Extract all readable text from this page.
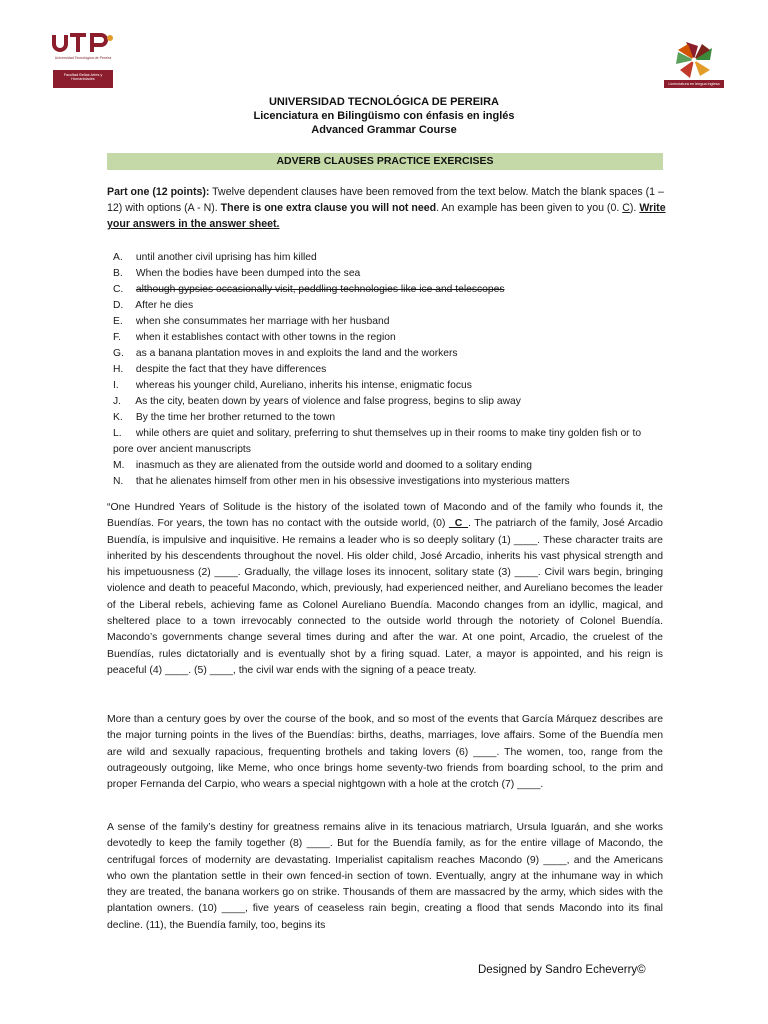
Universidad Tecnológica de Pereira
Facultad Bellas Artes y Humanidades
Licenciatura en lengua inglesa
UNIVERSIDAD TECNOLÓGICA DE PEREIRA
Licenciatura en Bilingüismo con énfasis en inglés
Advanced Grammar Course
ADVERB CLAUSES PRACTICE EXERCISES
Part one (12 points): Twelve dependent clauses have been removed from the text below. Match the blank spaces (1 – 12) with options (A - N). There is one extra clause you will not need. An example has been given to you (0. C). Write your answers in the answer sheet.
A. until another civil uprising has him killed
B. When the bodies have been dumped into the sea
C. although gypsies occasionally visit, peddling technologies like ice and telescopes
D. After he dies
E. when she consummates her marriage with her husband
F. when it establishes contact with other towns in the region
G. as a banana plantation moves in and exploits the land and the workers
H. despite the fact that they have differences
I. whereas his younger child, Aureliano, inherits his intense, enigmatic focus
J. As the city, beaten down by years of violence and false progress, begins to slip away
K. By the time her brother returned to the town
L. while others are quiet and solitary, preferring to shut themselves up in their rooms to make tiny golden fish or to pore over ancient manuscripts
M. inasmuch as they are alienated from the outside world and doomed to a solitary ending
N. that he alienates himself from other men in his obsessive investigations into mysterious matters
“One Hundred Years of Solitude is the history of the isolated town of Macondo and of the family who founds it, the Buendías. For years, the town has no contact with the outside world, (0) _C_. The patriarch of the family, José Arcadio Buendía, is impulsive and inquisitive. He remains a leader who is so deeply solitary (1) ____. These character traits are inherited by his descendents throughout the novel. His older child, José Arcadio, inherits his vast physical strength and his impetuousness (2) ____. Gradually, the village loses its innocent, solitary state (3) ____. Civil wars begin, bringing violence and death to peaceful Macondo, which, previously, had experienced neither, and Aureliano becomes the leader of the Liberal rebels, achieving fame as Colonel Aureliano Buendía. Macondo changes from an idyllic, magical, and sheltered place to a town irrevocably connected to the outside world through the notoriety of Colonel Buendía. Macondo’s governments change several times during and after the war. At one point, Arcadio, the cruelest of the Buendías, rules dictatorially and is eventually shot by a firing squad. Later, a mayor is appointed, and his reign is peaceful (4) ____. (5) ____, the civil war ends with the signing of a peace treaty.
More than a century goes by over the course of the book, and so most of the events that García Márquez describes are the major turning points in the lives of the Buendías: births, deaths, marriages, love affairs. Some of the Buendía men are wild and sexually rapacious, frequenting brothels and taking lovers (6) ____. The women, too, range from the outrageously outgoing, like Meme, who once brings home seventy-two friends from boarding school, to the prim and proper Fernanda del Carpio, who wears a special nightgown with a hole at the crotch (7) ____.
A sense of the family’s destiny for greatness remains alive in its tenacious matriarch, Ursula Iguarán, and she works devotedly to keep the family together (8) ____. But for the Buendía family, as for the entire village of Macondo, the centrifugal forces of modernity are devastating. Imperialist capitalism reaches Macondo (9) ____, and the Americans who own the plantation settle in their own fenced-in section of town. Eventually, angry at the inhumane way in which they are treated, the banana workers go on strike. Thousands of them are massacred by the army, which sides with the plantation owners. (10) ____, five years of ceaseless rain begin, creating a flood that sends Macondo into its final decline. (11), the Buendía family, too, begins its
Designed by Sandro Echeverry©
